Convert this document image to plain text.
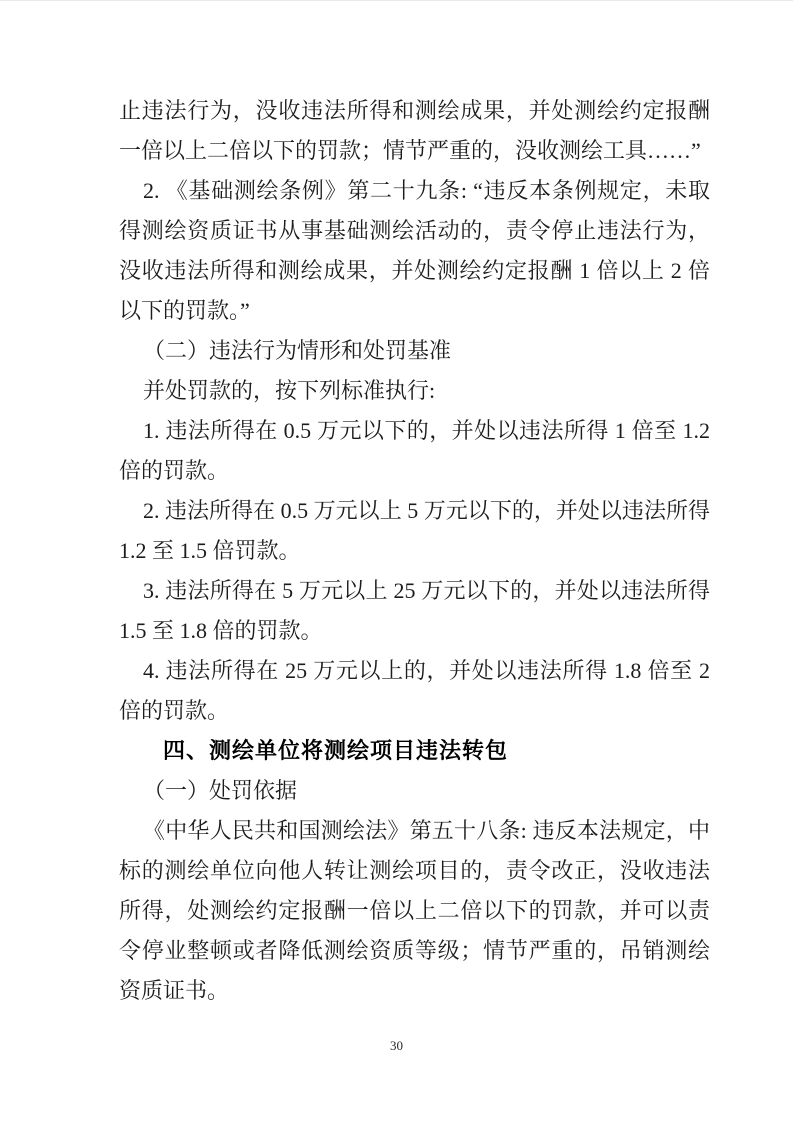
止违法行为，没收违法所得和测绘成果，并处测绘约定报酬一倍以上二倍以下的罚款；情节严重的，没收测绘工具……”

2. 《基础测绘条例》第二十九条: “违反本条例规定，未取得测绘资质证书从事基础测绘活动的，责令停止违法行为，没收违法所得和测绘成果，并处测绘约定报酬 1 倍以上 2 倍以下的罚款。”

（二）违法行为情形和处罚基准

并处罚款的，按下列标准执行:

1. 违法所得在 0.5 万元以下的，并处以违法所得 1 倍至 1.2 倍的罚款。

2. 违法所得在 0.5 万元以上 5 万元以下的，并处以违法所得 1.2 至 1.5 倍罚款。

3. 违法所得在 5 万元以上 25 万元以下的，并处以违法所得 1.5 至 1.8 倍的罚款。

4. 违法所得在 25 万元以上的，并处以违法所得 1.8 倍至 2 倍的罚款。

四、测绘单位将测绘项目违法转包

（一）处罚依据

《中华人民共和国测绘法》第五十八条: 违反本法规定，中标的测绘单位向他人转让测绘项目的，责令改正，没收违法所得，处测绘约定报酬一倍以上二倍以下的罚款，并可以责令停业整顿或者降低测绘资质等级；情节严重的，吊销测绘资质证书。

30
